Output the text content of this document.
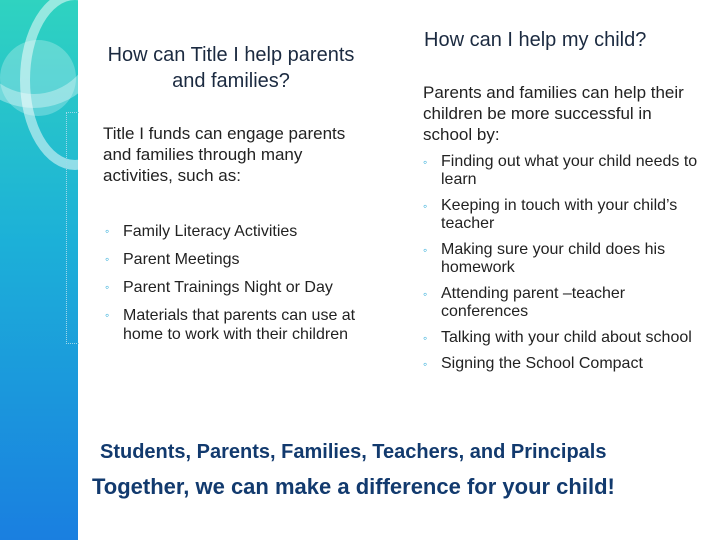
How can Title I help parents and families?
Title I funds can engage parents and families through many activities, such as:
◦ Family Literacy Activities
◦ Parent Meetings
◦ Parent Trainings Night or Day
◦ Materials that parents can use at home to work with their children
How can I help my child?
Parents and families can help their children be more successful in school by:
◦ Finding out what your child needs to learn
◦ Keeping in touch with your child’s teacher
◦ Making sure your child does his homework
◦ Attending parent –teacher conferences
◦ Talking with your child about school
◦ Signing the School Compact
Students, Parents, Families, Teachers, and Principals
Together, we can make a difference for your child!
